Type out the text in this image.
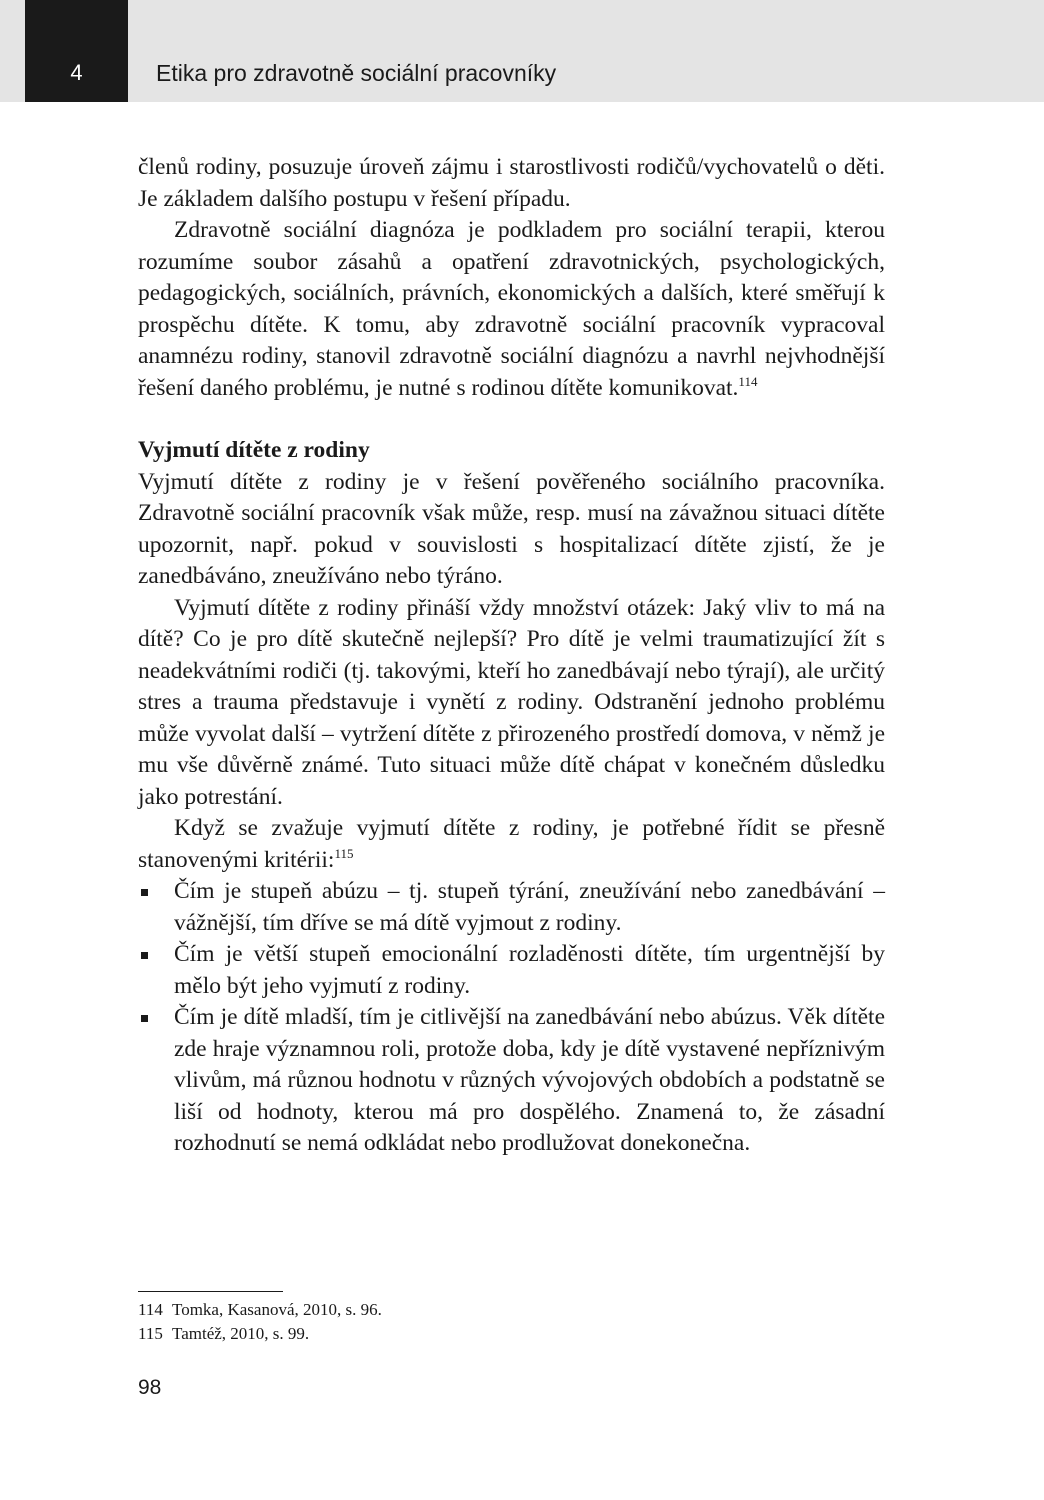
4	Etika pro zdravotně sociální pracovníky

členů rodiny, posuzuje úroveň zájmu i starostlivosti rodičů/vychovatelů o děti. Je základem dalšího postupu v řešení případu.

Zdravotně sociální diagnóza je podkladem pro sociální terapii, kterou rozumíme soubor zásahů a opatření zdravotnických, psychologických, pedagogických, sociálních, právních, ekonomických a dalších, které směřují k prospěchu dítěte. K tomu, aby zdravotně sociální pracovník vypracoval anamnézu rodiny, stanovil zdravotně sociální diagnózu a navrhl nejvhodnější řešení daného problému, je nutné s rodinou dítěte komunikovat.$^{114}$

Vyjmutí dítěte z rodiny

Vyjmutí dítěte z rodiny je v řešení pověřeného sociálního pracovníka. Zdravotně sociální pracovník však může, resp. musí na závažnou situaci dítěte upozornit, např. pokud v souvislosti s hospitalizací dítěte zjistí, že je zanedbáváno, zneužíváno nebo týráno.

Vyjmutí dítěte z rodiny přináší vždy množství otázek: Jaký vliv to má na dítě? Co je pro dítě skutečně nejlepší? Pro dítě je velmi traumatizující žít s neadekvátními rodiči (tj. takovými, kteří ho zanedbávají nebo týrají), ale určitý stres a trauma představuje i vynětí z rodiny. Odstranění jednoho problému může vyvolat další – vytržení dítěte z přirozeného prostředí domova, v němž je mu vše důvěrně známé. Tuto situaci může dítě chápat v konečném důsledku jako potrestání.

Když se zvažuje vyjmutí dítěte z rodiny, je potřebné řídit se přesně stanovenými kritérii:$^{115}$

Čím je stupeň abúzu – tj. stupeň týrání, zneužívání nebo zanedbávání – vážnější, tím dříve se má dítě vyjmout z rodiny.
Čím je větší stupeň emocionální rozladěnosti dítěte, tím urgentnější by mělo být jeho vyjmutí z rodiny.
Čím je dítě mladší, tím je citlivější na zanedbávání nebo abúzus. Věk dítěte zde hraje významnou roli, protože doba, kdy je dítě vystavené nepříznivým vlivům, má různou hodnotu v různých vývojových obdobích a podstatně se liší od hodnoty, kterou má pro dospělého. Znamená to, že zásadní rozhodnutí se nemá odkládat nebo prodlužovat donekonečna.
114 Tomka, Kasanová, 2010, s. 96.
115 Tamtéž, 2010, s. 99.
98
